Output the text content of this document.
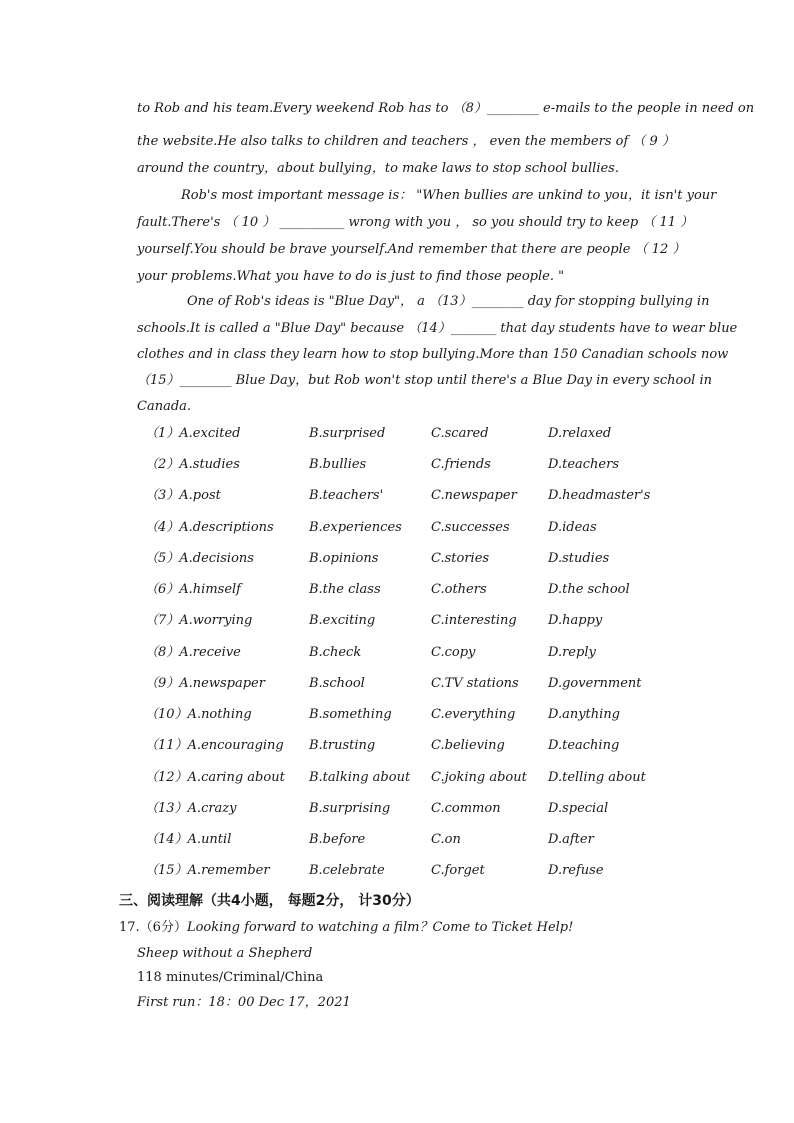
to Rob and his team.Every weekend Rob has to （8）________ e-mails to the people in need on
the website.He also talks to children and teachers ， even the members of （ 9 ）
around the country，about bullying，to make laws to stop school bullies.
Rob's most important message is： "When bullies are unkind to you，it isn't your
fault.There's （ 10 ） __________ wrong with you ， so you should try to keep （ 11 ）
yourself.You should be brave yourself.And remember that there are people （ 12 ）
your problems.What you have to do is just to find those people. "
One of Rob's ideas is "Blue Day"， a （13）________ day for stopping bullying in
schools.It is called a "Blue Day" because （14）_______ that day students have to wear blue
clothes and in class they learn how to stop bullying.More than 150 Canadian schools now
（15）________ Blue Day，but Rob won't stop until there's a Blue Day in every school in
Canada.
（1）A.excited	B.surprised	C.scared	D.relaxed
（2）A.studies	B.bullies	C.friends	D.teachers
（3）A.post	B.teachers'	C.newspaper D.headmaster's
（4）A.descriptions	B.experiences C.successes	D.ideas
（5）A.decisions	B.opinions	C.stories	D.studies
（6）A.himself	B.the class	C.others	D.the school
（7）A.worrying	B.exciting	C.interesting D.happy
（8）A.receive	B.check	C.copy	D.reply
（9）A.newspaper	B.school	C.TV stations D.government
（10）A.nothing	B.something	C.everything	D.anything
（11）A.encouraging B.trusting	C.believing	D.teaching
（12）A.caring about B.talking about C.joking about D.telling about
（13）A.crazy	B.surprising	C.common	D.special
（14）A.until	B.before	C.on	D.after
（15）A.remember	B.celebrate	C.forget	D.refuse
三、阅读理解（共4小题， 每题2分， 计30分）
17.（6分）Looking forward to watching a film？Come to Ticket Help!
Sheep without a Shepherd
118 minutes/Criminal/China
First run：18：00 Dec 17，2021
